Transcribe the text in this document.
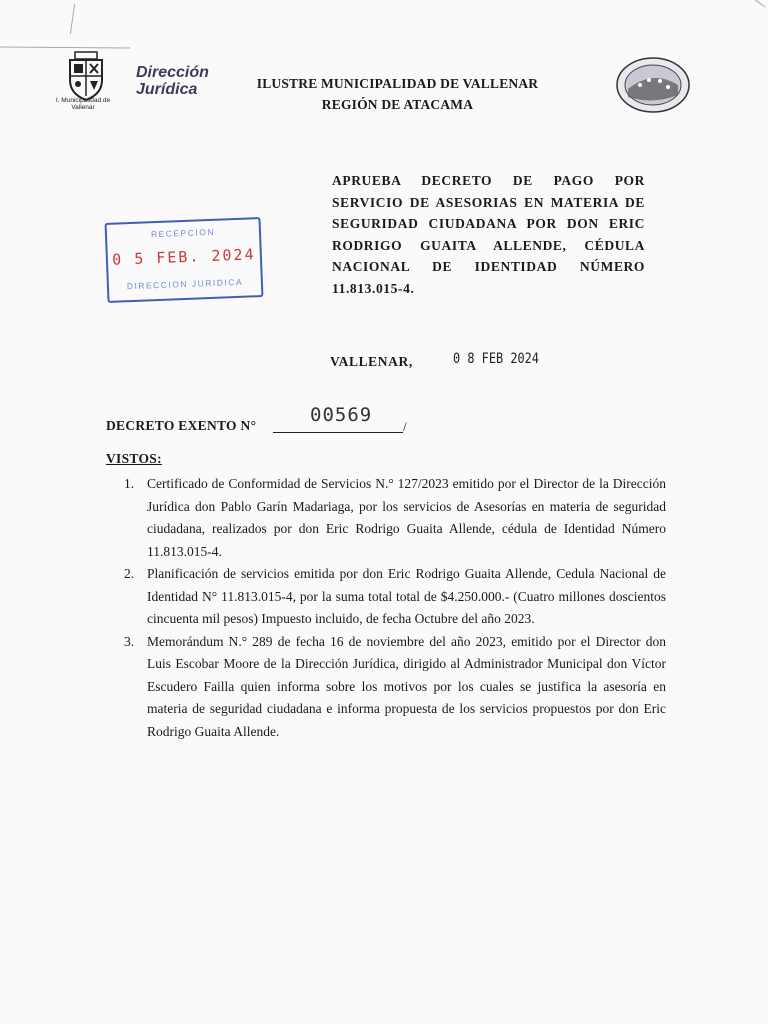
I. Municipalidad de Vallenar
Dirección Jurídica	ILUSTRE MUNICIPALIDAD DE VALLENAR
REGIÓN DE ATACAMA
APRUEBA DECRETO DE PAGO POR SERVICIO DE ASESORIAS EN MATERIA DE SEGURIDAD CIUDADANA POR DON ERIC RODRIGO GUAITA ALLENDE, CÉDULA NACIONAL DE IDENTIDAD NÚMERO 11.813.015-4.
RECEPCION
0 5 FEB. 2024
DIRECCION JURIDICA
VALLENAR,	0 8 FEB 2024
DECRETO EXENTO N°	00569
/
VISTOS:
1. Certificado de Conformidad de Servicios N.° 127/2023 emitido por el Director de la Dirección Jurídica don Pablo Garín Madariaga, por los servicios de Asesorías en materia de seguridad ciudadana, realizados por don Eric Rodrigo Guaita Allende, cédula de Identidad Número 11.813.015-4.
2. Planificación de servicios emitida por don Eric Rodrigo Guaita Allende, Cedula Nacional de Identidad N° 11.813.015-4, por la suma total total de $4.250.000.- (Cuatro millones doscientos cincuenta mil pesos) Impuesto incluido, de fecha Octubre del año 2023.
3. Memorándum N.° 289 de fecha 16 de noviembre del año 2023, emitido por el Director don Luis Escobar Moore de la Dirección Jurídica, dirigido al Administrador Municipal don Víctor Escudero Failla quien informa sobre los motivos por los cuales se justifica la asesoría en materia de seguridad ciudadana e informa propuesta de los servicios propuestos por don Eric Rodrigo Guaita Allende.
